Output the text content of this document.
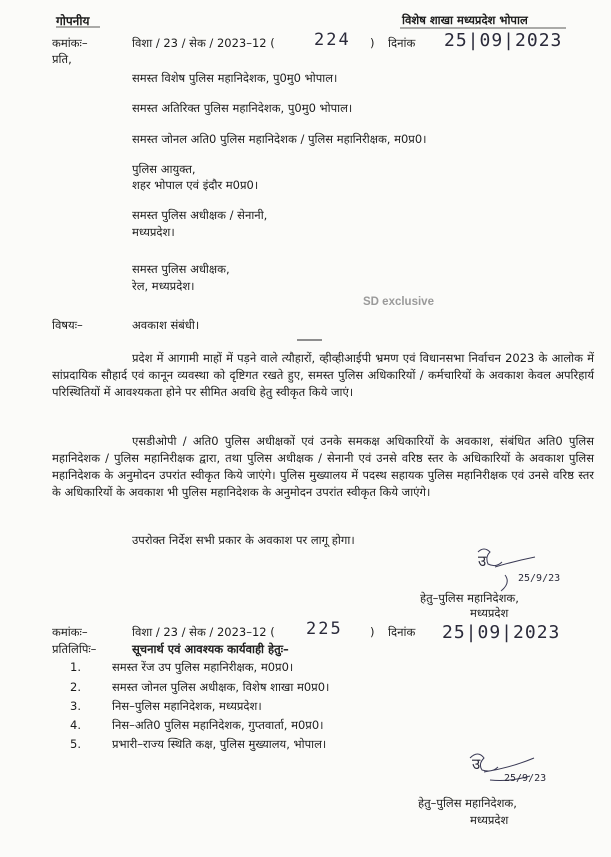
गोपनीय	विशेष शाखा मध्यप्रदेश भोपाल
कमांकः–	विशा / 23 / सेक / 2023–12 ( 224 ) दिनांक 25|09|2023
प्रति,
समस्त विशेष पुलिस महानिदेशक, पु0मु0 भोपाल।
समस्त अतिरिक्त पुलिस महानिदेशक, पु0मु0 भोपाल।
समस्त जोनल अति0 पुलिस महानिदेशक / पुलिस महानिरीक्षक, म0प्र0।
पुलिस आयुक्त,
शहर भोपाल एवं इंदौर म0प्र0।
समस्त पुलिस अधीक्षक / सेनानी,
मध्यप्रदेश।
समस्त पुलिस अधीक्षक,
रेल, मध्यप्रदेश।
SD exclusive
विषयः–	अवकाश संबंधी।
प्रदेश में आगामी माहों में पड़ने वाले त्यौहारों, व्हीव्हीआईपी भ्रमण एवं विधानसभा निर्वाचन 2023 के आलोक में सांप्रदायिक सौहार्द एवं कानून व्यवस्था को दृष्टिगत रखते हुए, समस्त पुलिस अधिकारियों / कर्मचारियों के अवकाश केवल अपरिहार्य परिस्थितियों में आवश्यकता होने पर सीमित अवधि हेतु स्वीकृत किये जाएं।
एसडीओपी / अति0 पुलिस अधीक्षकों एवं उनके समकक्ष अधिकारियों के अवकाश, संबंधित अति0 पुलिस महानिदेशक / पुलिस महानिरीक्षक द्वारा, तथा पुलिस अधीक्षक / सेनानी एवं उनसे वरिष्ठ स्तर के अधिकारियों के अवकाश पुलिस महानिदेशक के अनुमोदन उपरांत स्वीकृत किये जाएंगे। पुलिस मुख्यालय में पदस्थ सहायक पुलिस महानिरीक्षक एवं उनसे वरिष्ठ स्तर के अधिकारियों के अवकाश भी पुलिस महानिदेशक के अनुमोदन उपरांत स्वीकृत किये जाएंगे।
उपरोक्त निर्देश सभी प्रकार के अवकाश पर लागू होगा।
25/9/23
उ
हेतु–पुलिस महानिदेशक,
मध्यप्रदेश
कमांकः–	विशा / 23 / सेक / 2023–12 ( 225 ) दिनांक 25|09|2023
प्रतिलिपिः–	सूचनार्थ एवं आवश्यक कार्यवाही हेतुः–
1.	समस्त रेंज उप पुलिस महानिरीक्षक, म0प्र0।
2.	समस्त जोनल पुलिस अधीक्षक, विशेष शाखा म0प्र0।
3.	निस–पुलिस महानिदेशक, मध्यप्रदेश।
4.	निस–अति0 पुलिस महानिदेशक, गुप्तवार्ता, म0प्र0।
5.	प्रभारी–राज्य स्थिति कक्ष, पुलिस मुख्यालय, भोपाल।
उ
25/9/23
हेतु–पुलिस महानिदेशक,
मध्यप्रदेश
